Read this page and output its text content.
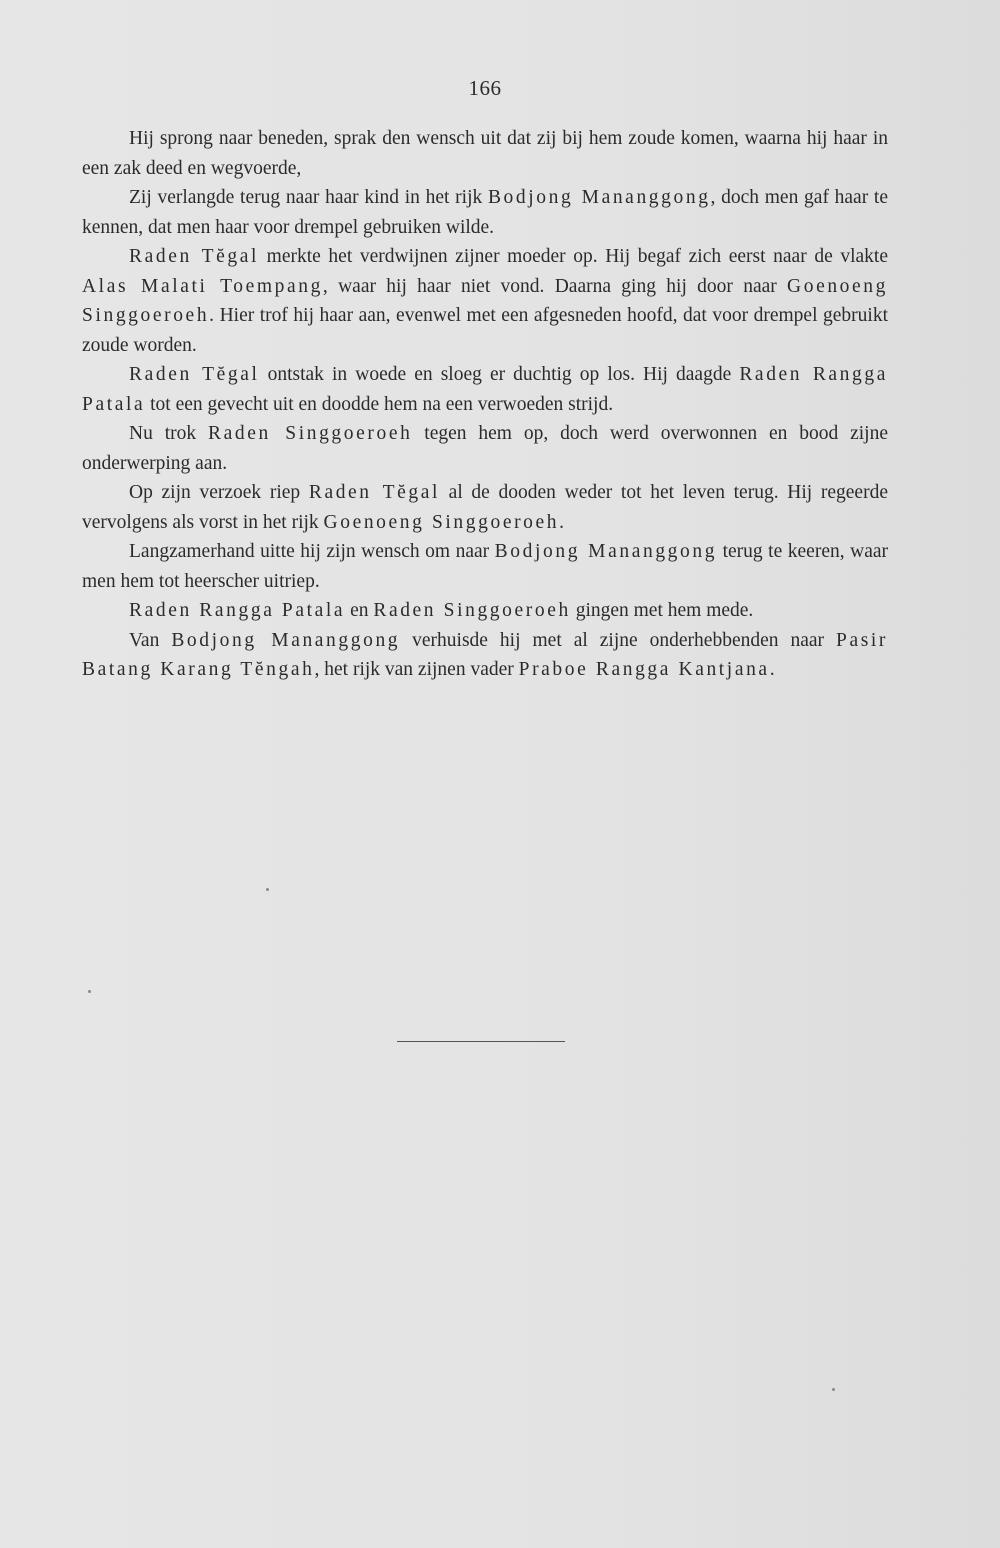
166

Hij sprong naar beneden, sprak den wensch uit dat zij bij hem zoude komen, waarna hij haar in een zak deed en wegvoerde,

Zij verlangde terug naar haar kind in het rijk Bodjong Mananggong, doch men gaf haar te kennen, dat men haar voor drempel gebruiken wilde.

Raden Tĕgal merkte het verdwijnen zijner moeder op. Hij begaf zich eerst naar de vlakte Alas Malati Toempang, waar hij haar niet vond. Daarna ging hij door naar Goenoeng Singgoeroeh. Hier trof hij haar aan, evenwel met een afgesneden hoofd, dat voor drempel gebruikt zoude worden.

Raden Tĕgal ontstak in woede en sloeg er duchtig op los. Hij daagde Raden Rangga Patala tot een gevecht uit en doodde hem na een verwoeden strijd.

Nu trok Raden Singgoeroeh tegen hem op, doch werd overwonnen en bood zijne onderwerping aan.

Op zijn verzoek riep Raden Tĕgal al de dooden weder tot het leven terug. Hij regeerde vervolgens als vorst in het rijk Goenoeng Singgoeroeh.

Langzamerhand uitte hij zijn wensch om naar Bodjong Mananggong terug te keeren, waar men hem tot heerscher uitriep.

Raden Rangga Patala en Raden Singgoeroeh gingen met hem mede.

Van Bodjong Mananggong verhuisde hij met al zijne onderhebbenden naar Pasir Batang Karang Tĕngah, het rijk van zijnen vader Praboe Rangga Kantjana.
